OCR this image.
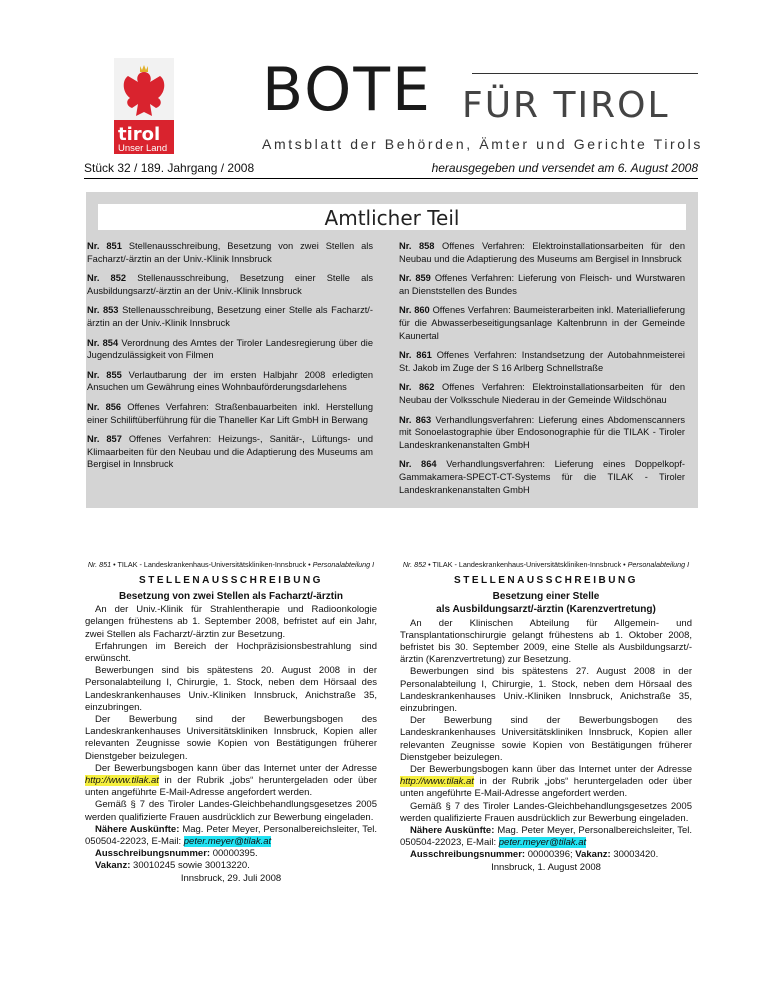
tirol
Unser Land
BOTE FÜR TIROL
Amtsblatt der Behörden, Ämter und Gerichte Tirols
Stück 32 / 189. Jahrgang / 2008	herausgegeben und versendet am 6. August 2008
Amtlicher Teil

Nr. 851 Stellenausschreibung, Besetzung von zwei Stellen als Facharzt/-ärztin an der Univ.-Klinik Innsbruck

Nr. 852 Stellenausschreibung, Besetzung einer Stelle als Ausbildungsarzt/-ärztin an der Univ.-Klinik Innsbruck

Nr. 853 Stellenausschreibung, Besetzung einer Stelle als Facharzt/-ärztin an der Univ.-Klinik Innsbruck

Nr. 854 Verordnung des Amtes der Tiroler Landesregierung über die Jugendzulässigkeit von Filmen

Nr. 855 Verlautbarung der im ersten Halbjahr 2008 erledigten Ansuchen um Gewährung eines Wohnbauförderungsdarlehens

Nr. 856 Offenes Verfahren: Straßenbauarbeiten inkl. Herstellung einer Schiliftüberführung für die Thaneller Kar Lift GmbH in Berwang

Nr. 857 Offenes Verfahren: Heizungs-, Sanitär-, Lüftungs- und Klimaarbeiten für den Neubau und die Adaptierung des Museums am Bergisel in Innsbruck

Nr. 858 Offenes Verfahren: Elektroinstallationsarbeiten für den Neubau und die Adaptierung des Museums am Bergisel in Innsbruck

Nr. 859 Offenes Verfahren: Lieferung von Fleisch- und Wurstwaren an Dienststellen des Bundes

Nr. 860 Offenes Verfahren: Baumeisterarbeiten inkl. Materiallieferung für die Abwasserbeseitigungsanlage Kaltenbrunn in der Gemeinde Kaunertal

Nr. 861 Offenes Verfahren: Instandsetzung der Autobahnmeisterei St. Jakob im Zuge der S 16 Arlberg Schnellstraße

Nr. 862 Offenes Verfahren: Elektroinstallationsarbeiten für den Neubau der Volksschule Niederau in der Gemeinde Wildschönau

Nr. 863 Verhandlungsverfahren: Lieferung eines Abdomenscanners mit Sonoelastographie über Endosonographie für die TILAK - Tiroler Landeskrankenanstalten GmbH

Nr. 864 Verhandlungsverfahren: Lieferung eines Doppelkopf-Gammakamera-SPECT-CT-Systems für die TILAK - Tiroler Landeskrankenanstalten GmbH

Nr. 851 • TILAK - Landeskrankenhaus-Universitätskliniken-Innsbruck • Personalabteilung I
STELLENAUSSCHREIBUNG
Besetzung von zwei Stellen als Facharzt/-ärztin

An der Univ.-Klinik für Strahlentherapie und Radioonkologie gelangen frühestens ab 1. September 2008, befristet auf ein Jahr, zwei Stellen als Facharzt/-ärztin zur Besetzung.

Erfahrungen im Bereich der Hochpräzisionsbestrahlung sind erwünscht.

Bewerbungen sind bis spätestens 20. August 2008 in der Personalabteilung I, Chirurgie, 1. Stock, neben dem Hörsaal des Landeskrankenhauses Univ.-Kliniken Innsbruck, Anichstraße 35, einzubringen.

Der Bewerbung sind der Bewerbungsbogen des Landeskrankenhauses Universitätskliniken Innsbruck, Kopien aller relevanten Zeugnisse sowie Kopien von Bestätigungen früherer Dienstgeber beizulegen.

Der Bewerbungsbogen kann über das Internet unter der Adresse http://www.tilak.at in der Rubrik „jobs“ heruntergeladen oder über unten angeführte E-Mail-Adresse angefordert werden.

Gemäß § 7 des Tiroler Landes-Gleichbehandlungsgesetzes 2005 werden qualifizierte Frauen ausdrücklich zur Bewerbung eingeladen.

Nähere Auskünfte: Mag. Peter Meyer, Personalbereichsleiter, Tel. 050504-22023, E-Mail: peter.meyer@tilak.at

Ausschreibungsnummer: 00000395.

Vakanz: 30010245 sowie 30013220.

Innsbruck, 29. Juli 2008

Nr. 852 • TILAK - Landeskrankenhaus-Universitätskliniken-Innsbruck • Personalabteilung I
STELLENAUSSCHREIBUNG
Besetzung einer Stelle
als Ausbildungsarzt/-ärztin (Karenzvertretung)

An der Klinischen Abteilung für Allgemein- und Transplantationschirurgie gelangt frühestens ab 1. Oktober 2008, befristet bis 30. September 2009, eine Stelle als Ausbildungsarzt/-ärztin (Karenzvertretung) zur Besetzung.

Bewerbungen sind bis spätestens 27. August 2008 in der Personalabteilung I, Chirurgie, 1. Stock, neben dem Hörsaal des Landeskrankenhauses Univ.-Kliniken Innsbruck, Anichstraße 35, einzubringen.

Der Bewerbung sind der Bewerbungsbogen des Landeskrankenhauses Universitätskliniken Innsbruck, Kopien aller relevanten Zeugnisse sowie Kopien von Bestätigungen früherer Dienstgeber beizulegen.

Der Bewerbungsbogen kann über das Internet unter der Adresse http://www.tilak.at in der Rubrik „jobs“ heruntergeladen oder über unten angeführte E-Mail-Adresse angefordert werden.

Gemäß § 7 des Tiroler Landes-Gleichbehandlungsgesetzes 2005 werden qualifizierte Frauen ausdrücklich zur Bewerbung eingeladen.

Nähere Auskünfte: Mag. Peter Meyer, Personalbereichsleiter, Tel. 050504-22023, E-Mail: peter.meyer@tilak.at

Ausschreibungsnummer: 00000396; Vakanz: 30003420.

Innsbruck, 1. August 2008
